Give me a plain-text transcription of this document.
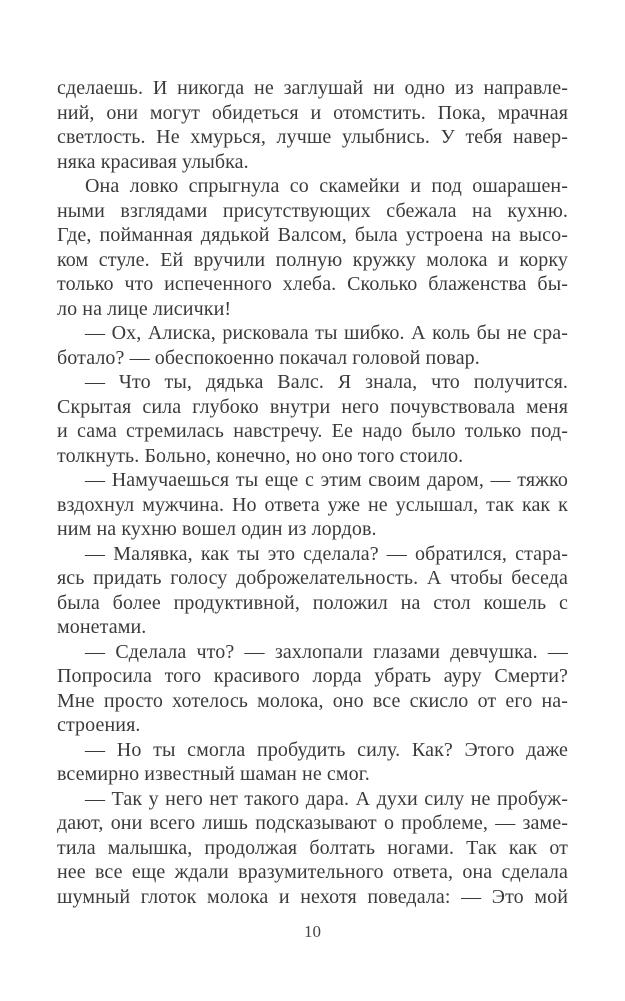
сделаешь. И никогда не заглушай ни одно из направле-
ний, они могут обидеться и отомстить. Пока, мрачная
светлость. Не хмурься, лучше улыбнись. У тебя навер-
няка красивая улыбка.
Она ловко спрыгнула со скамейки и под ошарашен-
ными взглядами присутствующих сбежала на кухню.
Где, пойманная дядькой Валсом, была устроена на высо-
ком стуле. Ей вручили полную кружку молока и корку
только что испеченного хлеба. Сколько блаженства бы-
ло на лице лисички!
— Ох, Алиска, рисковала ты шибко. А коль бы не сра-
ботало? — обеспокоенно покачал головой повар.
— Что ты, дядька Валс. Я знала, что получится.
Скрытая сила глубоко внутри него почувствовала меня
и сама стремилась навстречу. Ее надо было только под-
толкнуть. Больно, конечно, но оно того стоило.
— Намучаешься ты еще с этим своим даром, — тяжко
вздохнул мужчина. Но ответа уже не услышал, так как к
ним на кухню вошел один из лордов.
— Малявка, как ты это сделала? — обратился, стара-
ясь придать голосу доброжелательность. А чтобы беседа
была более продуктивной, положил на стол кошель с
монетами.
— Сделала что? — захлопали глазами девчушка. —
Попросила того красивого лорда убрать ауру Смерти?
Мне просто хотелось молока, оно все скисло от его на-
строения.
— Но ты смогла пробудить силу. Как? Этого даже
всемирно известный шаман не смог.
— Так у него нет такого дара. А духи силу не пробуж-
дают, они всего лишь подсказывают о проблеме, — заме-
тила малышка, продолжая болтать ногами. Так как от
нее все еще ждали вразумительного ответа, она сделала
шумный глоток молока и нехотя поведала: — Это мой
10
